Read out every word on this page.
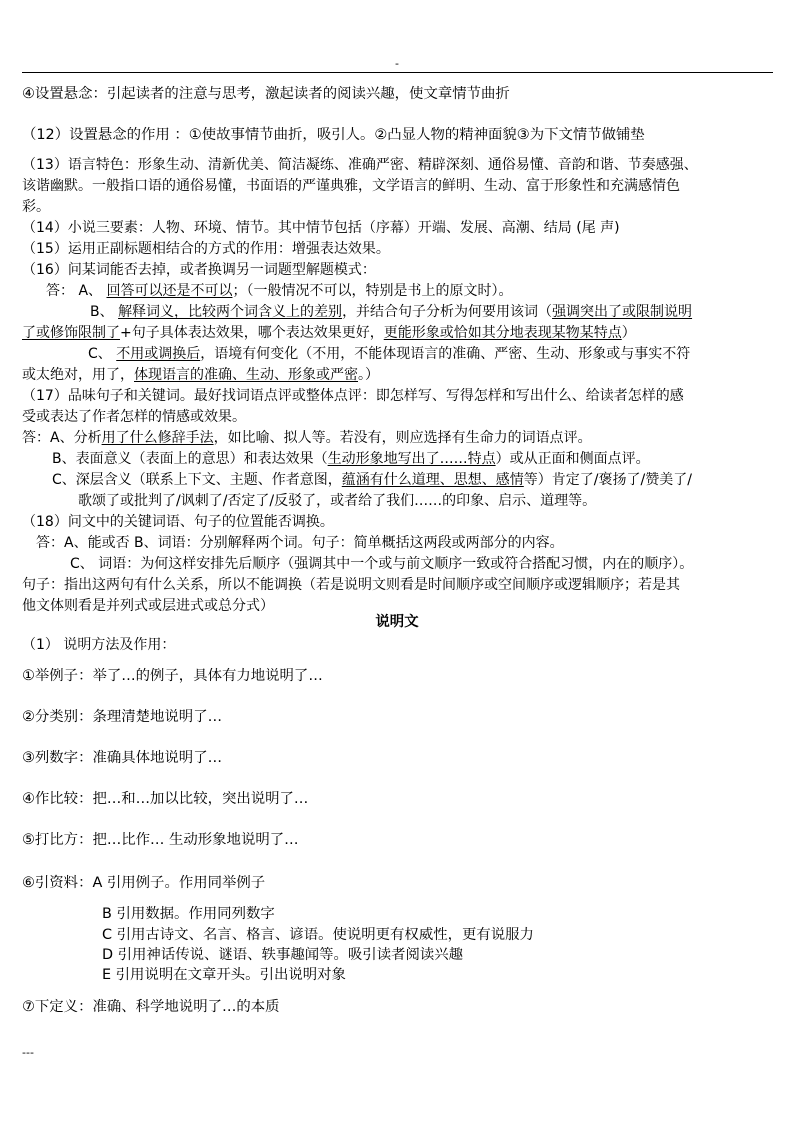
-
④设置悬念：引起读者的注意与思考，激起读者的阅读兴趣，使文章情节曲折
（12）设置悬念的作用 ：①使故事情节曲折，吸引人。②凸显人物的精神面貌③为下文情节做铺垫
（13）语言特色：形象生动、清新优美、简洁凝练、准确严密、精辟深刻、通俗易懂、音韵和谐、节奏感强、
该谐幽默。一般指口语的通俗易懂，书面语的严谨典雅，文学语言的鲜明、生动、富于形象性和充满感情色
彩。
（14）小说三要素：人物、环境、情节。其中情节包括（序幕）开端、发展、高潮、结局 (尾 声)
（15）运用正副标题相结合的方式的作用：增强表达效果。
（16）问某词能否去掉，或者换调另一词题型解题模式：
答： A、 回答可以还是不可以；（一般情况不可以，特别是书上的原文时）。
B、 解释词义，比较两个词含义上的差别，并结合句子分析为何要用该词（强调突出了或限制说明
了或修饰限制了+句子具体表达效果，哪个表达效果更好，更能形象或恰如其分地表现某物某特点）
C、 不用或调换后，语境有何变化（不用，不能体现语言的准确、严密、生动、形象或与事实不符
或太绝对，用了，体现语言的准确、生动、形象或严密。）
（17）品味句子和关键词。最好找词语点评或整体点评：即怎样写、写得怎样和写出什么、给读者怎样的感
受或表达了作者怎样的情感或效果。
答：A、分析用了什么修辞手法，如比喻、拟人等。若没有，则应选择有生命力的词语点评。
B、表面意义（表面上的意思）和表达效果（生动形象地写出了……特点）或从正面和侧面点评。
C、深层含义（联系上下文、主题、作者意图，蕴涵有什么道理、思想、感情等）肯定了/褒扬了/赞美了/
歌颂了或批判了/讽刺了/否定了/反驳了，或者给了我们……的印象、启示、道理等。
（18）问文中的关键词语、句子的位置能否调换。
答：A、能或否 B、词语：分别解释两个词。句子：简单概括这两段或两部分的内容。
C、 词语：为何这样安排先后顺序（强调其中一个或与前文顺序一致或符合搭配习惯，内在的顺序）。
句子：指出这两句有什么关系，所以不能调换（若是说明文则看是时间顺序或空间顺序或逻辑顺序；若是其
他文体则看是并列式或层进式或总分式）
说明文
（1） 说明方法及作用：
①举例子：举了…的例子，具体有力地说明了…
②分类别：条理清楚地说明了…
③列数字：准确具体地说明了…
④作比较：把…和…加以比较，突出说明了…
⑤打比方：把…比作… 生动形象地说明了…
⑥引资料：A 引用例子。作用同举例子
B 引用数据。作用同列数字
C 引用古诗文、名言、格言、谚语。使说明更有权威性，更有说服力
D 引用神话传说、谜语、轶事趣闻等。吸引读者阅读兴趣
E 引用说明在文章开头。引出说明对象
⑦下定义：准确、科学地说明了…的本质
---
